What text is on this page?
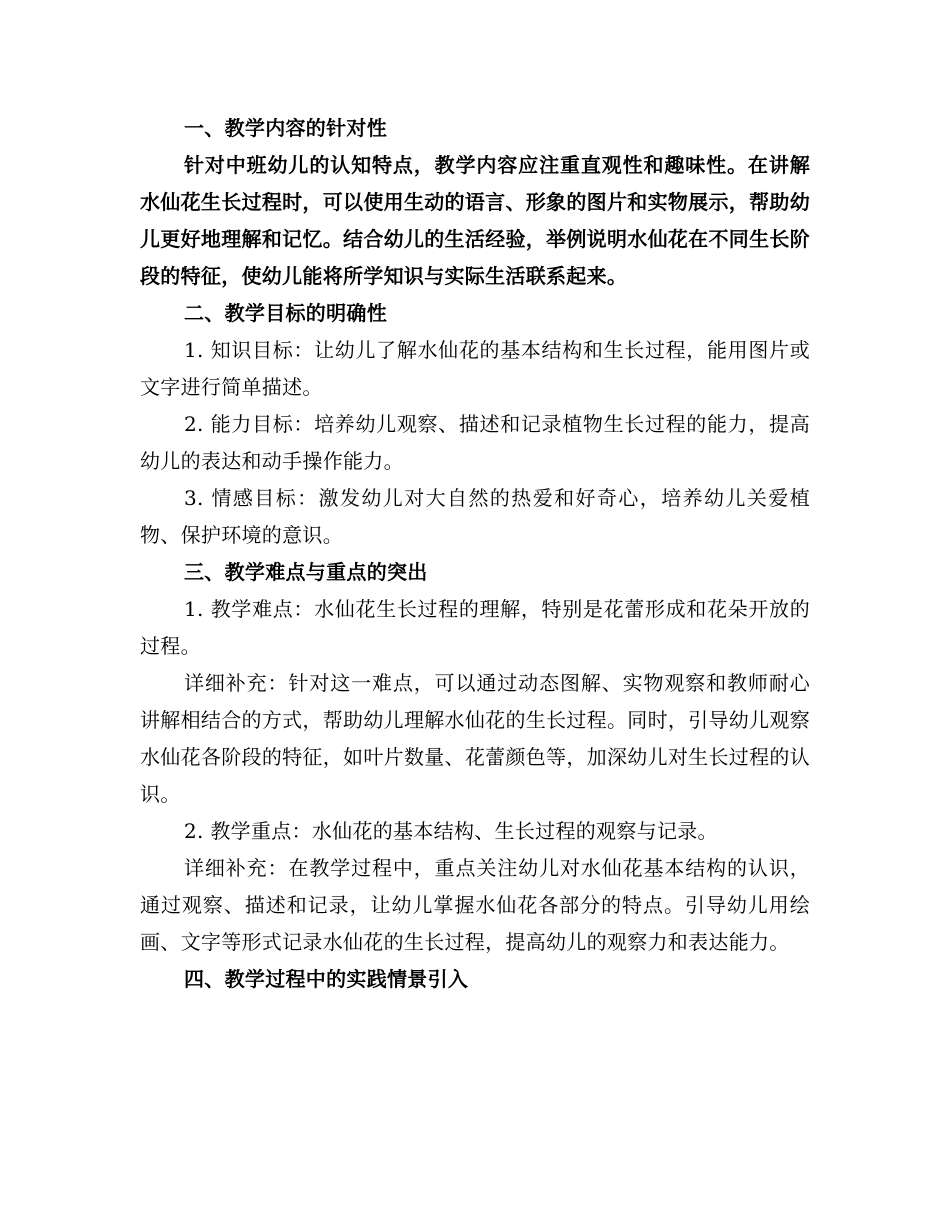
一、教学内容的针对性

针对中班幼儿的认知特点，教学内容应注重直观性和趣味性。在讲解水仙花生长过程时，可以使用生动的语言、形象的图片和实物展示，帮助幼儿更好地理解和记忆。结合幼儿的生活经验，举例说明水仙花在不同生长阶段的特征，使幼儿能将所学知识与实际生活联系起来。

二、教学目标的明确性

1. 知识目标：让幼儿了解水仙花的基本结构和生长过程，能用图片或文字进行简单描述。

2. 能力目标：培养幼儿观察、描述和记录植物生长过程的能力，提高幼儿的表达和动手操作能力。

3. 情感目标：激发幼儿对大自然的热爱和好奇心，培养幼儿关爱植物、保护环境的意识。

三、教学难点与重点的突出

1. 教学难点：水仙花生长过程的理解，特别是花蕾形成和花朵开放的过程。

详细补充：针对这一难点，可以通过动态图解、实物观察和教师耐心讲解相结合的方式，帮助幼儿理解水仙花的生长过程。同时，引导幼儿观察水仙花各阶段的特征，如叶片数量、花蕾颜色等，加深幼儿对生长过程的认识。

2. 教学重点：水仙花的基本结构、生长过程的观察与记录。

详细补充：在教学过程中，重点关注幼儿对水仙花基本结构的认识，通过观察、描述和记录，让幼儿掌握水仙花各部分的特点。引导幼儿用绘画、文字等形式记录水仙花的生长过程，提高幼儿的观察力和表达能力。

四、教学过程中的实践情景引入
